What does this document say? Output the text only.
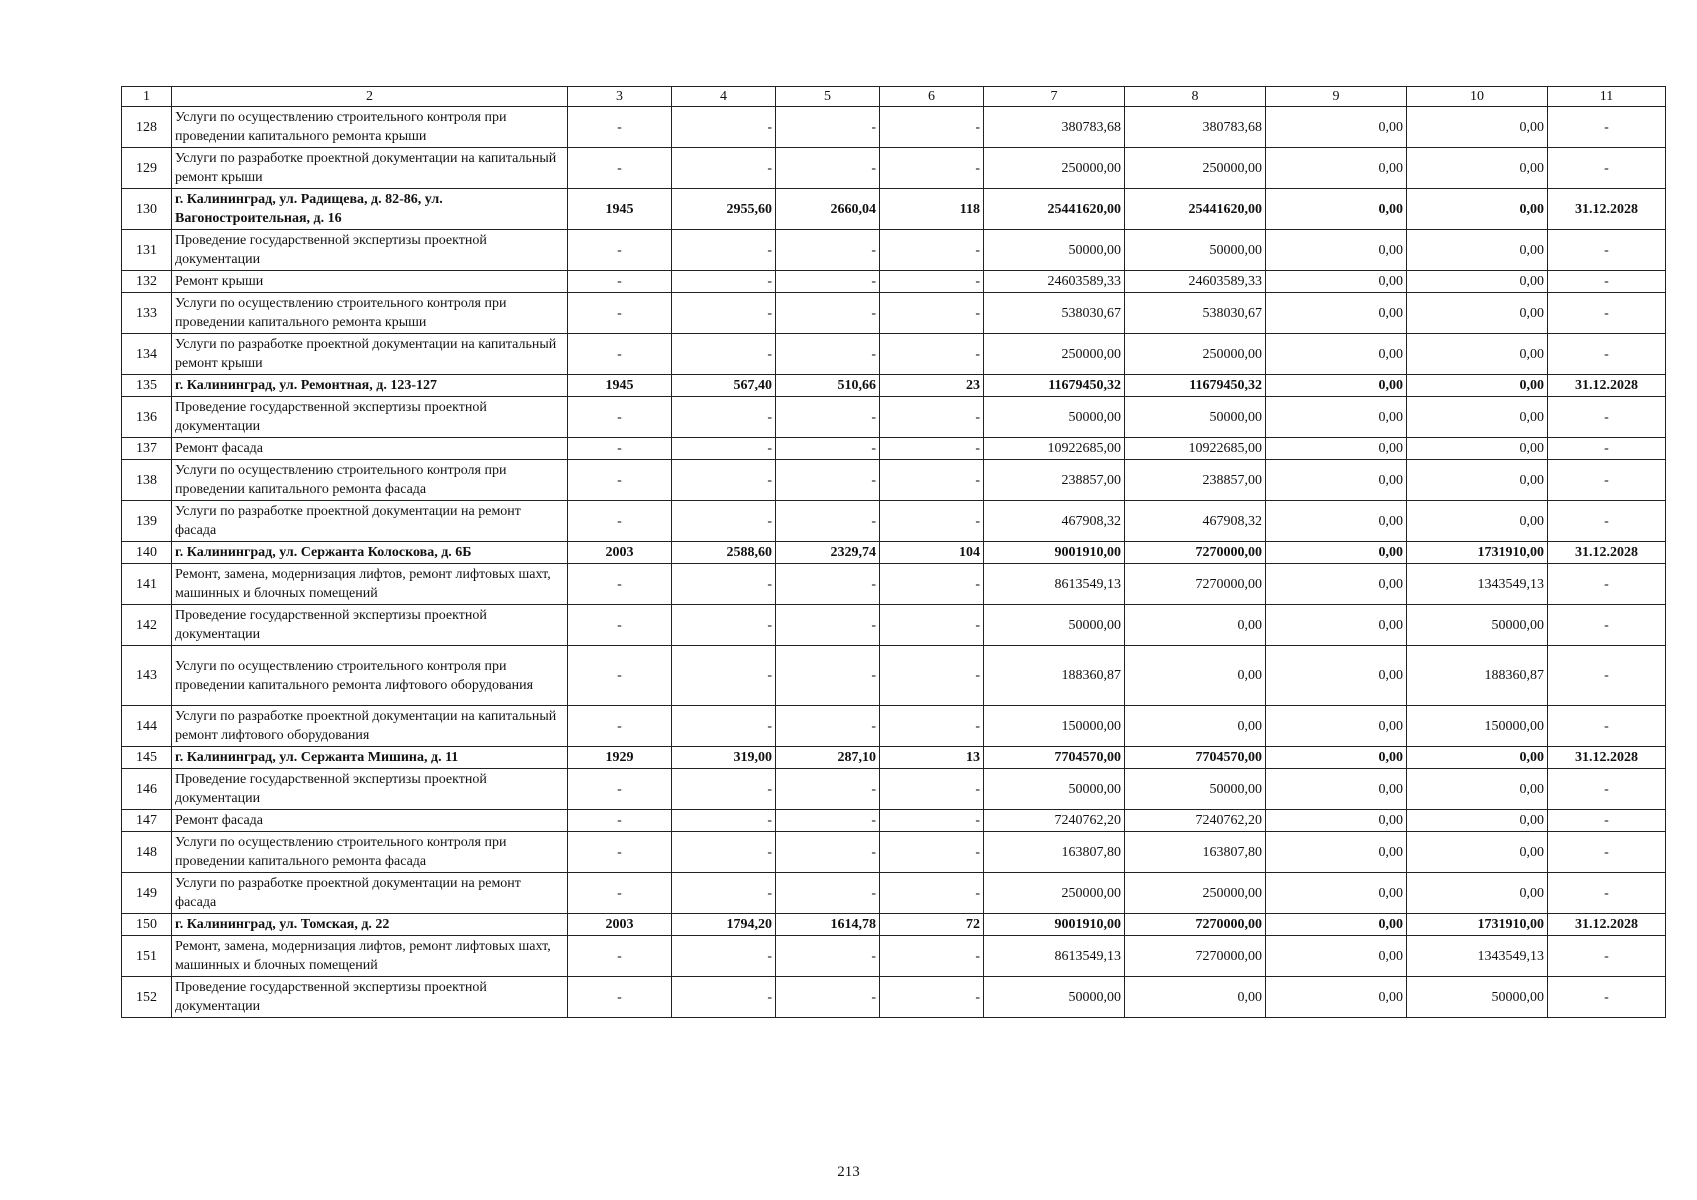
1	2	3	4	5	6	7	8	9	10	11
128	Услуги по осуществлению строительного контроля при проведении капитального ремонта крыши	-	-	-	-	380783,68	380783,68	0,00	0,00	-
129	Услуги по разработке проектной документации на капитальный ремонт крыши	-	-	-	-	250000,00	250000,00	0,00	0,00	-
130	г. Калининград, ул. Радищева, д. 82-86, ул. Вагоностроительная, д. 16	1945	2955,60	2660,04	118	25441620,00	25441620,00	0,00	0,00	31.12.2028
131	Проведение государственной экспертизы проектной документации	-	-	-	-	50000,00	50000,00	0,00	0,00	-
132	Ремонт крыши	-	-	-	-	24603589,33	24603589,33	0,00	0,00	-
133	Услуги по осуществлению строительного контроля при проведении капитального ремонта крыши	-	-	-	-	538030,67	538030,67	0,00	0,00	-
134	Услуги по разработке проектной документации на капитальный ремонт крыши	-	-	-	-	250000,00	250000,00	0,00	0,00	-
135	г. Калининград, ул. Ремонтная, д. 123-127	1945	567,40	510,66	23	11679450,32	11679450,32	0,00	0,00	31.12.2028
136	Проведение государственной экспертизы проектной документации	-	-	-	-	50000,00	50000,00	0,00	0,00	-
137	Ремонт фасада	-	-	-	-	10922685,00	10922685,00	0,00	0,00	-
138	Услуги по осуществлению строительного контроля при проведении капитального ремонта фасада	-	-	-	-	238857,00	238857,00	0,00	0,00	-
139	Услуги по разработке проектной документации на ремонт фасада	-	-	-	-	467908,32	467908,32	0,00	0,00	-
140	г. Калининград, ул. Сержанта Колоскова, д. 6Б	2003	2588,60	2329,74	104	9001910,00	7270000,00	0,00	1731910,00	31.12.2028
141	Ремонт, замена, модернизация лифтов, ремонт лифтовых шахт, машинных и блочных помещений	-	-	-	-	8613549,13	7270000,00	0,00	1343549,13	-
142	Проведение государственной экспертизы проектной документации	-	-	-	-	50000,00	0,00	0,00	50000,00	-
143	Услуги по осуществлению строительного контроля при проведении капитального ремонта лифтового оборудования	-	-	-	-	188360,87	0,00	0,00	188360,87	-
144	Услуги по разработке проектной документации на капитальный ремонт лифтового оборудования	-	-	-	-	150000,00	0,00	0,00	150000,00	-
145	г. Калининград, ул. Сержанта Мишина, д. 11	1929	319,00	287,10	13	7704570,00	7704570,00	0,00	0,00	31.12.2028
146	Проведение государственной экспертизы проектной документации	-	-	-	-	50000,00	50000,00	0,00	0,00	-
147	Ремонт фасада	-	-	-	-	7240762,20	7240762,20	0,00	0,00	-
148	Услуги по осуществлению строительного контроля при проведении капитального ремонта фасада	-	-	-	-	163807,80	163807,80	0,00	0,00	-
149	Услуги по разработке проектной документации на ремонт фасада	-	-	-	-	250000,00	250000,00	0,00	0,00	-
150	г. Калининград, ул. Томская, д. 22	2003	1794,20	1614,78	72	9001910,00	7270000,00	0,00	1731910,00	31.12.2028
151	Ремонт, замена, модернизация лифтов, ремонт лифтовых шахт, машинных и блочных помещений	-	-	-	-	8613549,13	7270000,00	0,00	1343549,13	-
152	Проведение государственной экспертизы проектной документации	-	-	-	-	50000,00	0,00	0,00	50000,00	-
213
